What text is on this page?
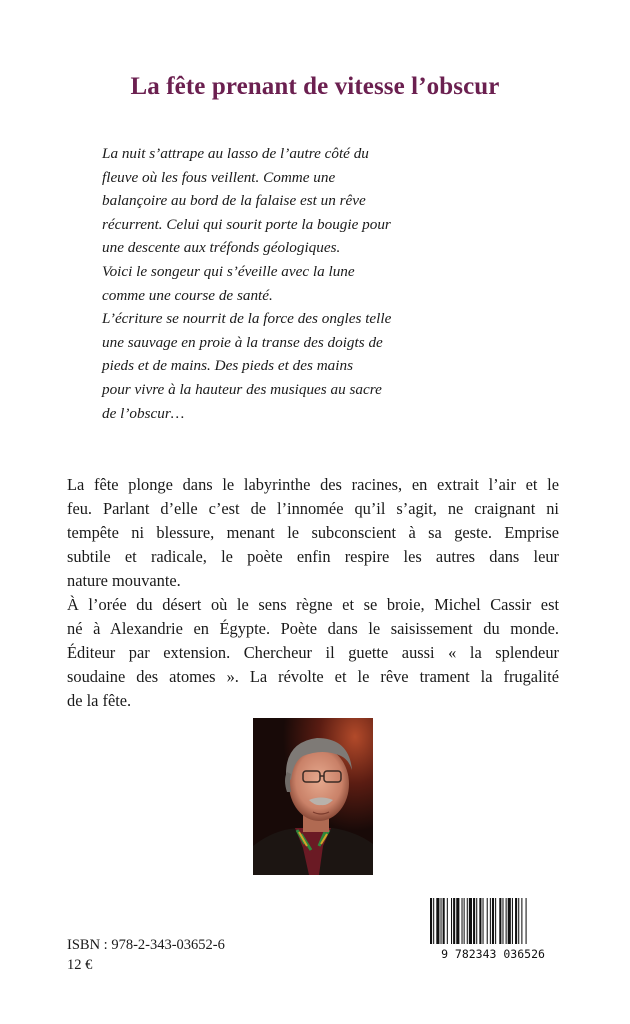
La fête prenant de vitesse l’obscur
La nuit s’attrape au lasso de l’autre côté du
fleuve où les fous veillent. Comme une
balançoire au bord de la falaise est un rêve
récurrent. Celui qui sourit porte la bougie pour
une descente aux tréfonds géologiques.
Voici le songeur qui s’éveille avec la lune
comme une course de santé.
L’écriture se nourrit de la force des ongles telle
une sauvage en proie à la transe des doigts de
pieds et de mains. Des pieds et des mains
pour vivre à la hauteur des musiques au sacre
de l’obscur…
La fête plonge dans le labyrinthe des racines, en extrait l’air et le
feu. Parlant d’elle c’est de l’innomée qu’il s’agit, ne craignant ni
tempête ni blessure, menant le subconscient à sa geste. Emprise
subtile et radicale, le poète enfin respire les autres dans leur
nature mouvante.
À l’orée du désert où le sens règne et se broie, Michel Cassir est
né à Alexandrie en Égypte. Poète dans le saisissement du monde.
Éditeur par extension. Chercheur il guette aussi « la splendeur
soudaine des atomes ». La révolte et le rêve trament la frugalité
de la fête.
ISBN : 978-2-343-03652-6
12 €
9 782343 036526
